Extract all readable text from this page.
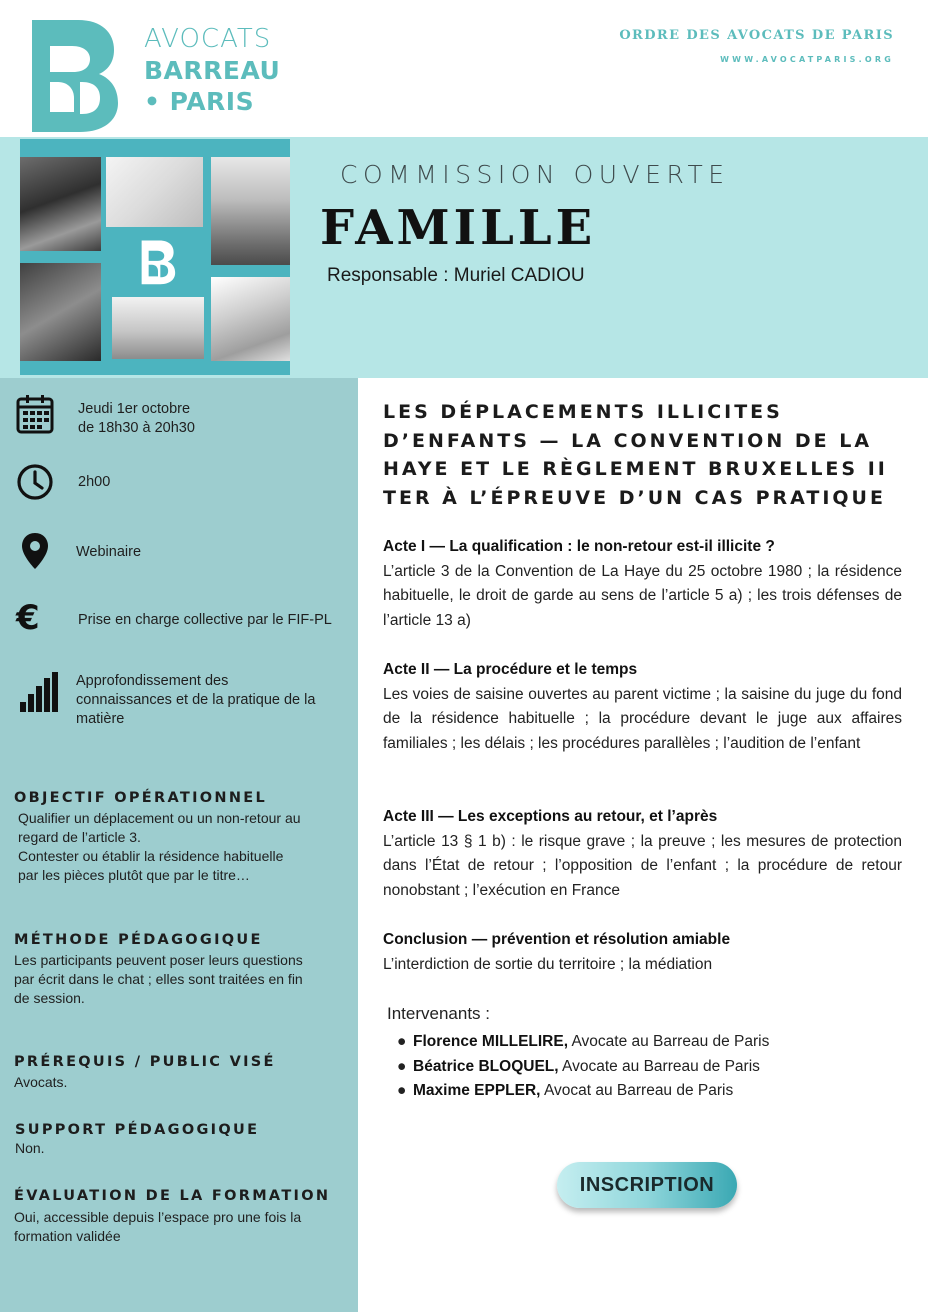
AVOCATS
BARREAU
• PARIS
ORDRE DES AVOCATS DE PARIS
WWW.AVOCATPARIS.ORG
COMMISSION OUVERTE
FAMILLE
Responsable : Muriel CADIOU
Jeudi 1er octobre
de 18h30 à 20h30
2h00
Webinaire
€	Prise en charge collective par le FIF-PL
Approfondissement des
connaissances et de la pratique de la
matière
OBJECTIF OPÉRATIONNEL
Qualifier un déplacement ou un non-retour au
regard de l’article 3.
Contester ou établir la résidence habituelle
par les pièces plutôt que par le titre…
MÉTHODE PÉDAGOGIQUE
Les participants peuvent poser leurs questions
par écrit dans le chat ; elles sont traitées en fin
de session.
PRÉREQUIS / PUBLIC VISÉ
Avocats.
SUPPORT PÉDAGOGIQUE
Non.
ÉVALUATION DE LA FORMATION
Oui, accessible depuis l’espace pro une fois la
formation validée
LES DÉPLACEMENTS ILLICITES D’ENFANTS — LA CONVENTION DE LA HAYE ET LE RÈGLEMENT BRUXELLES II TER À L’ÉPREUVE D’UN CAS PRATIQUE
Acte I — La qualification : le non-retour est-il illicite ?
L’article 3 de la Convention de La Haye du 25 octobre 1980 ; la résidence habituelle, le droit de garde au sens de l’article 5 a) ; les trois défenses de l’article 13 a)
Acte II — La procédure et le temps
Les voies de saisine ouvertes au parent victime ; la saisine du juge du fond de la résidence habituelle ; la procédure devant le juge aux affaires familiales ; les délais ; les procédures parallèles ; l’audition de l’enfant
Acte III — Les exceptions au retour, et l’après
L’article 13 § 1 b) : le risque grave ; la preuve ; les mesures de protection dans l’État de retour ; l’opposition de l’enfant ; la procédure de retour nonobstant ; l’exécution en France
Conclusion — prévention et résolution amiable
L’interdiction de sortie du territoire ; la médiation
Intervenants :
● Florence MILLELIRE, Avocate au Barreau de Paris
● Béatrice BLOQUEL, Avocate au Barreau de Paris
● Maxime EPPLER, Avocat au Barreau de Paris
INSCRIPTION
